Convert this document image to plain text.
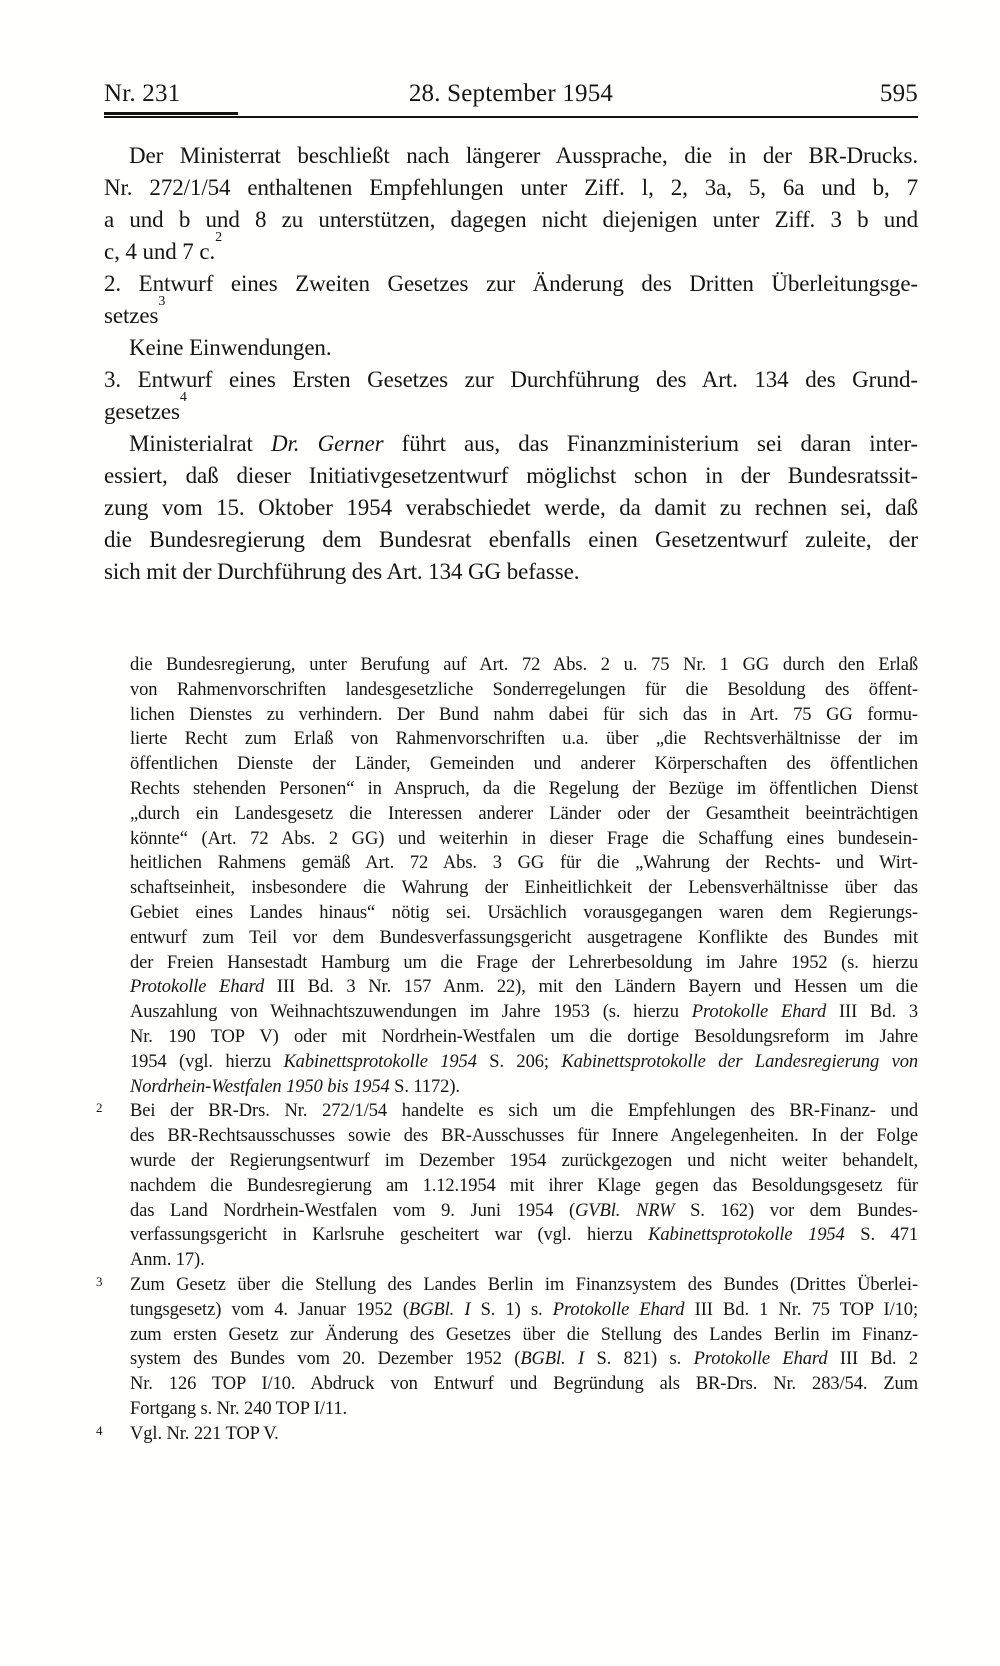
Nr. 231	28. September 1954	595
Der Ministerrat beschließt nach längerer Aussprache, die in der BR-Drucks.
Nr. 272/1/54 enthaltenen Empfehlungen unter Ziff. l, 2, 3a, 5, 6a und b, 7
a und b und 8 zu unterstützen, dagegen nicht diejenigen unter Ziff. 3 b und
c, 4 und 7 c.$^2$
2. Entwurf eines Zweiten Gesetzes zur Änderung des Dritten Überleitungsge-
setzes$^3$
Keine Einwendungen.
3. Entwurf eines Ersten Gesetzes zur Durchführung des Art. 134 des Grund-
gesetzes$^4$
Ministerialrat Dr. Gerner führt aus, das Finanzministerium sei daran inter-
essiert, daß dieser Initiativgesetzentwurf möglichst schon in der Bundesratssit-
zung vom 15. Oktober 1954 verabschiedet werde, da damit zu rechnen sei, daß
die Bundesregierung dem Bundesrat ebenfalls einen Gesetzentwurf zuleite, der
sich mit der Durchführung des Art. 134 GG befasse.
die Bundesregierung, unter Berufung auf Art. 72 Abs. 2 u. 75 Nr. 1 GG durch den Erlaß
von Rahmenvorschriften landesgesetzliche Sonderregelungen für die Besoldung des öffent-
lichen Dienstes zu verhindern. Der Bund nahm dabei für sich das in Art. 75 GG formu-
lierte Recht zum Erlaß von Rahmenvorschriften u.a. über „die Rechtsverhältnisse der im
öffentlichen Dienste der Länder, Gemeinden und anderer Körperschaften des öffentlichen
Rechts stehenden Personen“ in Anspruch, da die Regelung der Bezüge im öffentlichen Dienst
„durch ein Landesgesetz die Interessen anderer Länder oder der Gesamtheit beeinträchtigen
könnte“ (Art. 72 Abs. 2 GG) und weiterhin in dieser Frage die Schaffung eines bundesein-
heitlichen Rahmens gemäß Art. 72 Abs. 3 GG für die „Wahrung der Rechts- und Wirt-
schaftseinheit, insbesondere die Wahrung der Einheitlichkeit der Lebensverhältnisse über das
Gebiet eines Landes hinaus“ nötig sei. Ursächlich vorausgegangen waren dem Regierungs-
entwurf zum Teil vor dem Bundesverfassungsgericht ausgetragene Konflikte des Bundes mit
der Freien Hansestadt Hamburg um die Frage der Lehrerbesoldung im Jahre 1952 (s. hierzu
Protokolle Ehard III Bd. 3 Nr. 157 Anm. 22), mit den Ländern Bayern und Hessen um die
Auszahlung von Weihnachtszuwendungen im Jahre 1953 (s. hierzu Protokolle Ehard III Bd. 3
Nr. 190 TOP V) oder mit Nordrhein-Westfalen um die dortige Besoldungsreform im Jahre
1954 (vgl. hierzu Kabinettsprotokolle 1954 S. 206; Kabinettsprotokolle der Landesregierung von
Nordrhein-Westfalen 1950 bis 1954 S. 1172).
2 Bei der BR-Drs. Nr. 272/1/54 handelte es sich um die Empfehlungen des BR-Finanz- und
des BR-Rechtsausschusses sowie des BR-Ausschusses für Innere Angelegenheiten. In der Folge
wurde der Regierungsentwurf im Dezember 1954 zurückgezogen und nicht weiter behandelt,
nachdem die Bundesregierung am 1.12.1954 mit ihrer Klage gegen das Besoldungsgesetz für
das Land Nordrhein-Westfalen vom 9. Juni 1954 (GVBl. NRW S. 162) vor dem Bundes-
verfassungsgericht in Karlsruhe gescheitert war (vgl. hierzu Kabinettsprotokolle 1954 S. 471
Anm. 17).
3 Zum Gesetz über die Stellung des Landes Berlin im Finanzsystem des Bundes (Drittes Überlei-
tungsgesetz) vom 4. Januar 1952 (BGBl. I S. 1) s. Protokolle Ehard III Bd. 1 Nr. 75 TOP I/10;
zum ersten Gesetz zur Änderung des Gesetzes über die Stellung des Landes Berlin im Finanz-
system des Bundes vom 20. Dezember 1952 (BGBl. I S. 821) s. Protokolle Ehard III Bd. 2
Nr. 126 TOP I/10. Abdruck von Entwurf und Begründung als BR-Drs. Nr. 283/54. Zum
Fortgang s. Nr. 240 TOP I/11.
4 Vgl. Nr. 221 TOP V.
